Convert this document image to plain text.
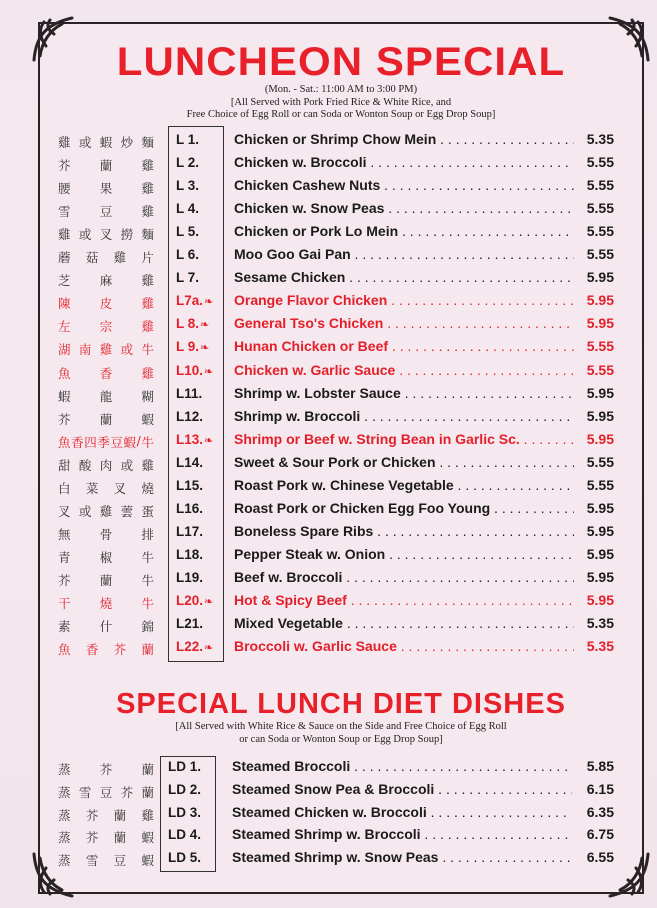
LUNCHEON SPECIAL
(Mon. - Sat.: 11:00 AM to 3:00 PM)
[All Served with Pork Fried Rice & White Rice, and
Free Choice of Egg Roll or can Soda or Wonton Soup or Egg Drop Soup]
雞 或 蝦 炒 麵 L 1. Chicken or Shrimp Chow Mein . . .	5.35
芥 蘭 雞 L 2. Chicken w. Broccoli . . .	5.55
腰 果 雞 L 3. Chicken Cashew Nuts . . .	5.55
雪 豆 雞 L 4. Chicken w. Snow Peas . . .	5.55
雞 或 叉 撈 麵 L 5. Chicken or Pork Lo Mein . . .	5.55
蘑 菇 雞 片 L 6. Moo Goo Gai Pan . . .	5.55
芝 麻 雞 L 7. Sesame Chicken . . .	5.95
陳 皮 雞 L7a.❧ Orange Flavor Chicken . . .	5.95
左 宗 雞 L 8.❧ General Tso's Chicken . . .	5.95
湖 南 雞 或 牛 L 9.❧ Hunan Chicken or Beef . . .	5.55
魚 香 雞 L10.❧ Chicken w. Garlic Sauce . . .	5.55
蝦 龍 糊 L11. Shrimp w. Lobster Sauce . . .	5.95
芥 蘭 蝦 L12. Shrimp w. Broccoli . . .	5.95
魚 香 四 季 豆 蝦 / 牛 L13.❧ Shrimp or Beef w. String Bean in Garlic Sc. . . .	5.95
甜 酸 肉 或 雞 L14. Sweet & Sour Pork or Chicken . . .	5.55
白 菜 叉 燒 L15. Roast Pork w. Chinese Vegetable . . .	5.55
叉 或 雞 蕓 蛋 L16. Roast Pork or Chicken Egg Foo Young . . .	5.95
無 骨 排 L17. Boneless Spare Ribs . . .	5.95
青 椒 牛 L18. Pepper Steak w. Onion . . .	5.95
芥 蘭 牛 L19. Beef w. Broccoli . . .	5.95
干 燒 牛 L20.❧ Hot & Spicy Beef . . .	5.95
素 什 錦 L21. Mixed Vegetable . . .	5.35
魚 香 芥 蘭 L22.❧ Broccoli w. Garlic Sauce . . .	5.35
SPECIAL LUNCH DIET DISHES
[All Served with White Rice & Sauce on the Side and Free Choice of Egg Roll
or can Soda or Wonton Soup or Egg Drop Soup]
蒸 芥 蘭 LD 1. Steamed Broccoli . . .	5.85
蒸 雪 豆 芥 蘭 LD 2. Steamed Snow Pea & Broccoli . . .	6.15
蒸 芥 蘭 雞 LD 3. Steamed Chicken w. Broccoli . . .	6.35
蒸 芥 蘭 蝦 LD 4. Steamed Shrimp w. Broccoli . . .	6.75
蒸 雪 豆 蝦 LD 5. Steamed Shrimp w. Snow Peas . . .	6.55
